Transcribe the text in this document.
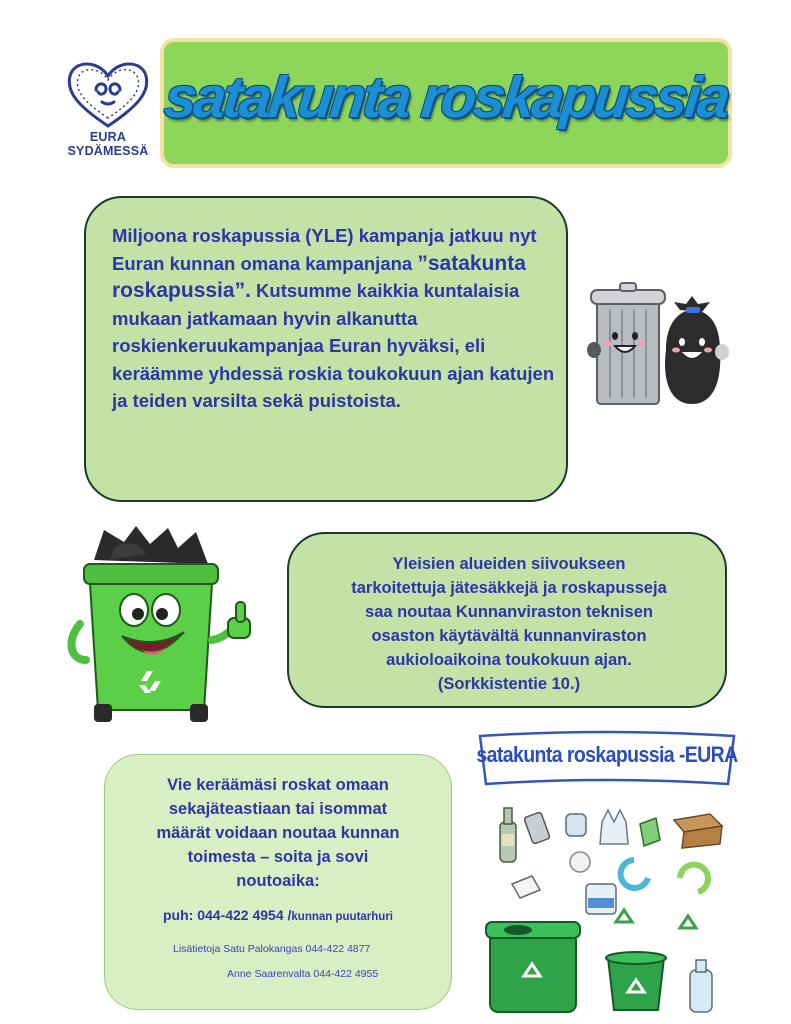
EURA
SYDÄMESSÄ
satakunta roskapussia
Miljoona roskapussia (YLE) kampanja jatkuu nyt Euran kunnan omana kampanjana ”satakunta roskapussia”. Kutsumme kaikkia kuntalaisia mukaan jatkamaan hyvin alkanutta roskienkeruukampanjaa Euran hyväksi, eli keräämme yhdessä roskia toukokuun ajan katujen ja teiden varsilta sekä puistoista.
Yleisien alueiden siivoukseen
tarkoitettuja jätesäkkejä ja roskapusseja
saa noutaa Kunnanviraston teknisen
osaston käytävältä kunnanviraston
aukioloaikoina toukokuun ajan.
(Sorkkistentie 10.)
Vie keräämäsi roskat omaan
sekajäteastiaan tai isommat
määrät voidaan noutaa kunnan
toimesta – soita ja sovi
noutoaika:
puh: 044-422 4954 /kunnan puutarhuri
Lisätietoja Satu Palokangas 044-422 4877
Anne Saarenvalta 044-422 4955
satakunta roskapussia -EURA
